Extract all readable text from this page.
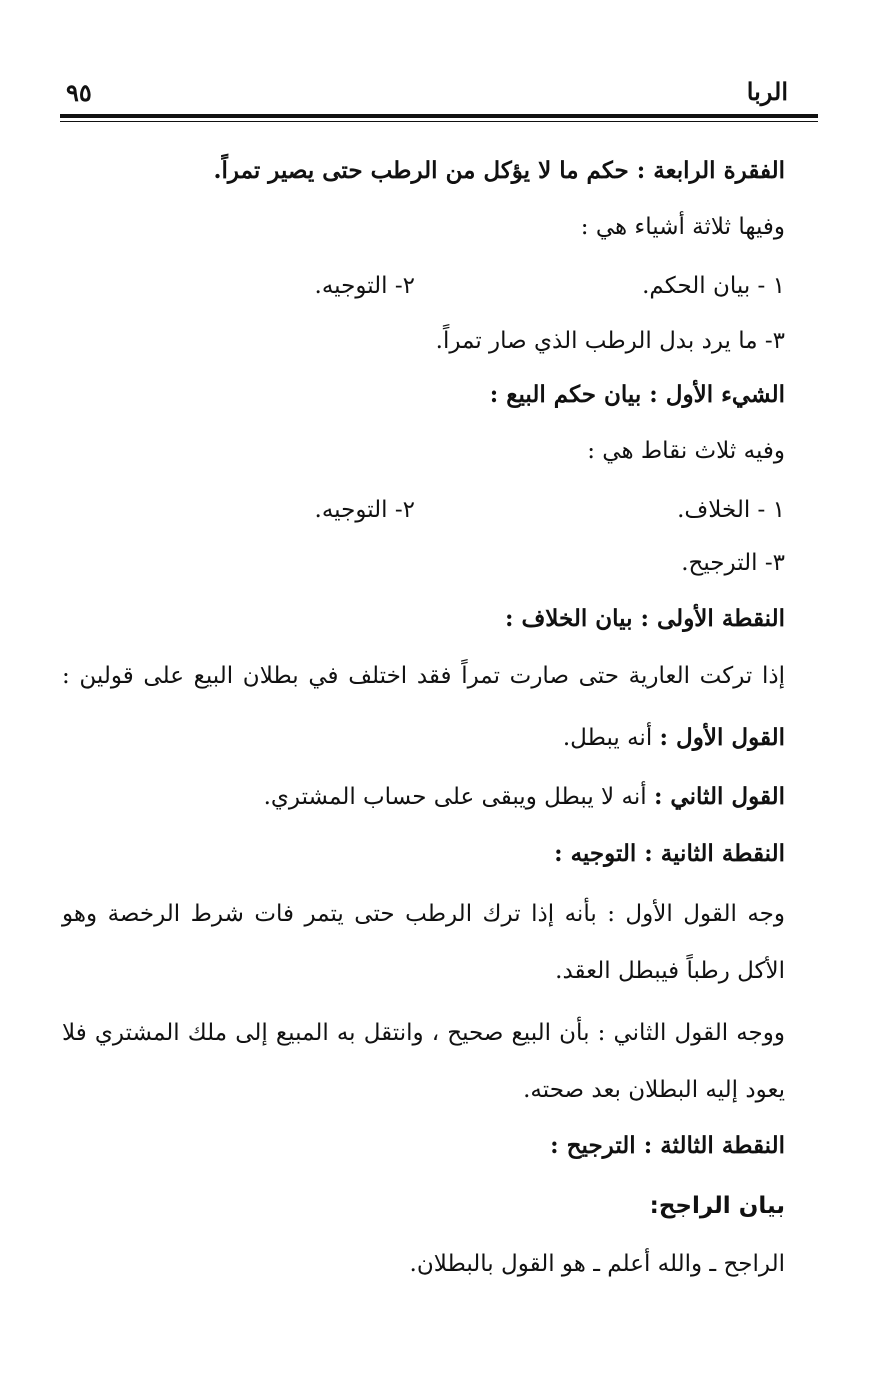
الربا
٩٥
الفقرة الرابعة : حكم ما لا يؤكل من الرطب حتى يصير تمراً.
وفيها ثلاثة أشياء هي :
١ - بيان الحكم.
٢- التوجيه.
٣- ما يرد بدل الرطب الذي صار تمراً.
الشيء الأول : بيان حكم البيع :
وفيه ثلاث نقاط هي :
١ - الخلاف.
٢- التوجيه.
٣- الترجيح.
النقطة الأولى : بيان الخلاف :
إذا تركت العارية حتى صارت تمراً فقد اختلف في بطلان البيع على قولين :
القول الأول : أنه يبطل.
القول الثاني : أنه لا يبطل ويبقى على حساب المشتري.
النقطة الثانية : التوجيه :
وجه القول الأول : بأنه إذا ترك الرطب حتى يتمر فات شرط الرخصة وهو
الأكل رطباً فيبطل العقد.
ووجه القول الثاني : بأن البيع صحيح ، وانتقل به المبيع إلى ملك المشتري فلا
يعود إليه البطلان بعد صحته.
النقطة الثالثة : الترجيح :
بيان الراجح:
الراجح ـ والله أعلم ـ هو القول بالبطلان.
